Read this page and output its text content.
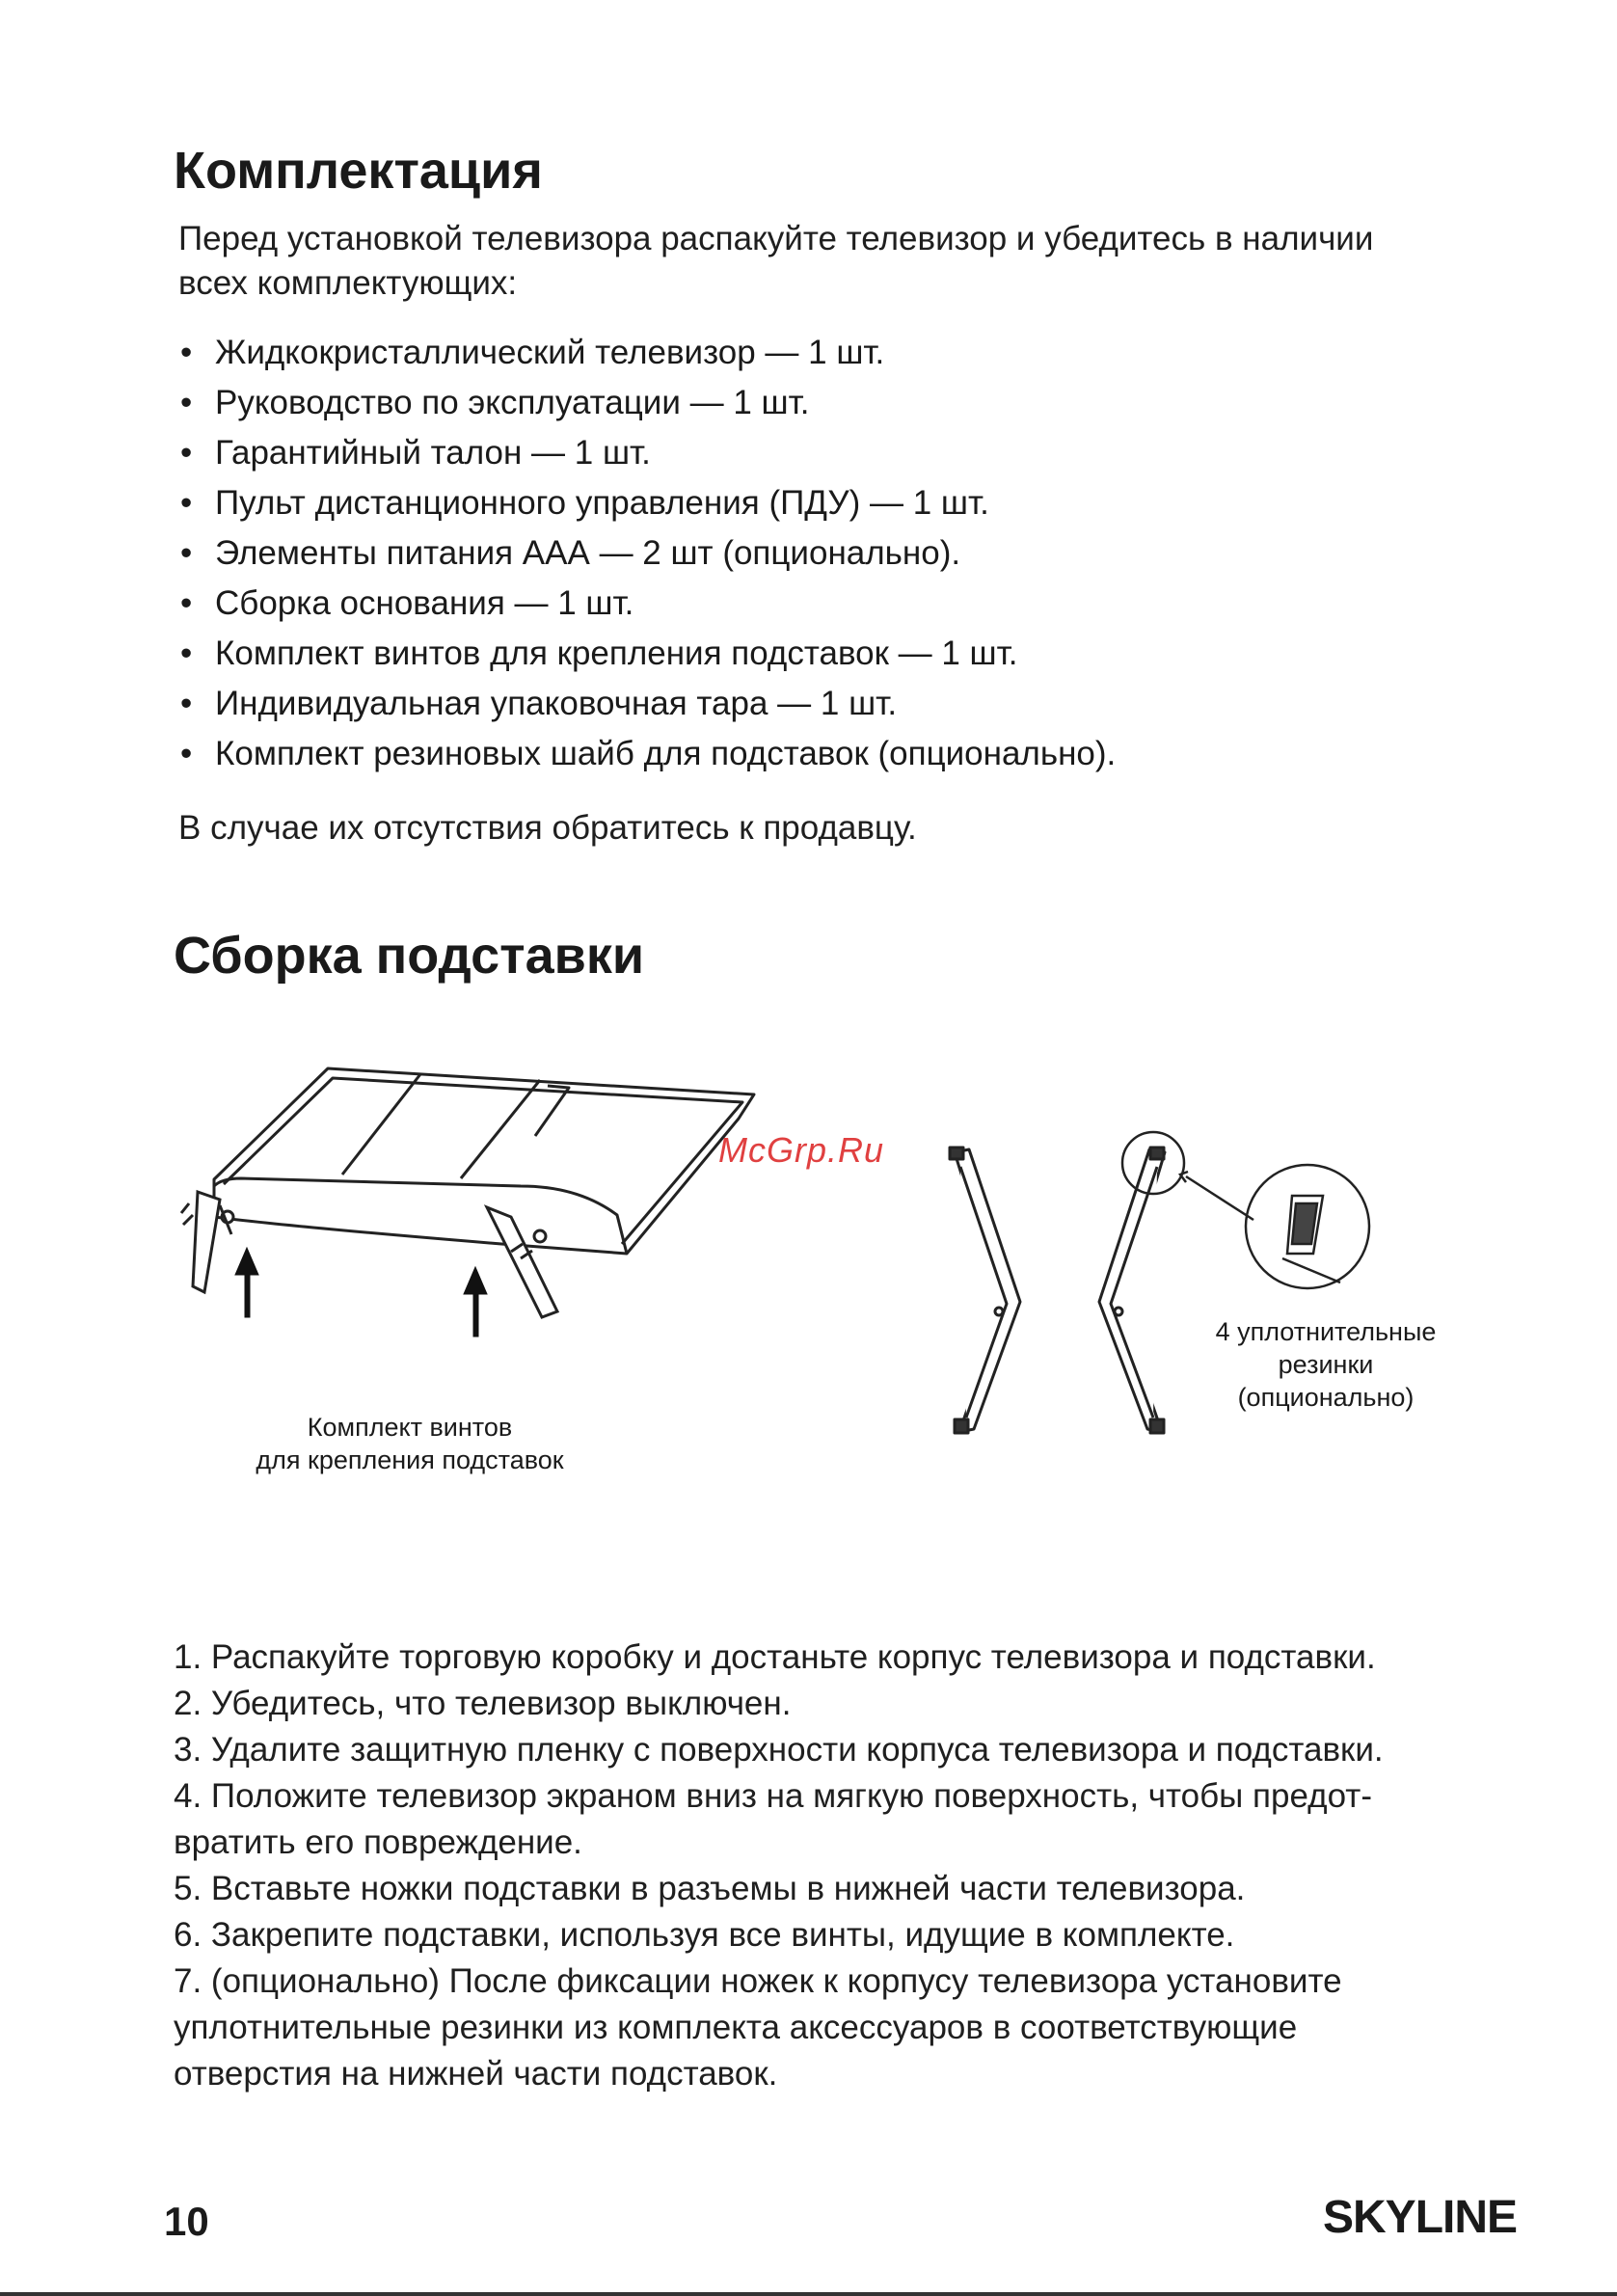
Комплектация
Перед установкой телевизора распакуйте телевизор и убедитесь в наличии
всех комплектующих:
• Жидкокристаллический телевизор — 1 шт.
• Руководство по эксплуатации — 1 шт.
• Гарантийный талон — 1 шт.
• Пульт дистанционного управления (ПДУ) — 1 шт.
• Элементы питания ААА — 2 шт (опционально).
• Сборка основания — 1 шт.
• Комплект винтов для крепления подставок — 1 шт.
• Индивидуальная упаковочная тара — 1 шт.
• Комплект резиновых шайб для подставок (опционально).
В случае их отсутствия обратитесь к продавцу.
Сборка подставки
McGrp.Ru
Комплект винтов
для крепления подставок
4 уплотнительные
резинки
(опционально)
1. Распакуйте торговую коробку и достаньте корпус телевизора и подставки.
2. Убедитесь, что телевизор выключен.
3. Удалите защитную пленку с поверхности корпуса телевизора и подставки.
4. Положите телевизор экраном вниз на мягкую поверхность, чтобы предот-
вратить его повреждение.
5. Вставьте ножки подставки в разъемы в нижней части телевизора.
6. Закрепите подставки, используя все винты, идущие в комплекте.
7. (опционально) После фиксации ножек к корпусу телевизора установите
уплотнительные резинки из комплекта аксессуаров в соответствующие
отверстия на нижней части подставок.
10	SKYLINE
